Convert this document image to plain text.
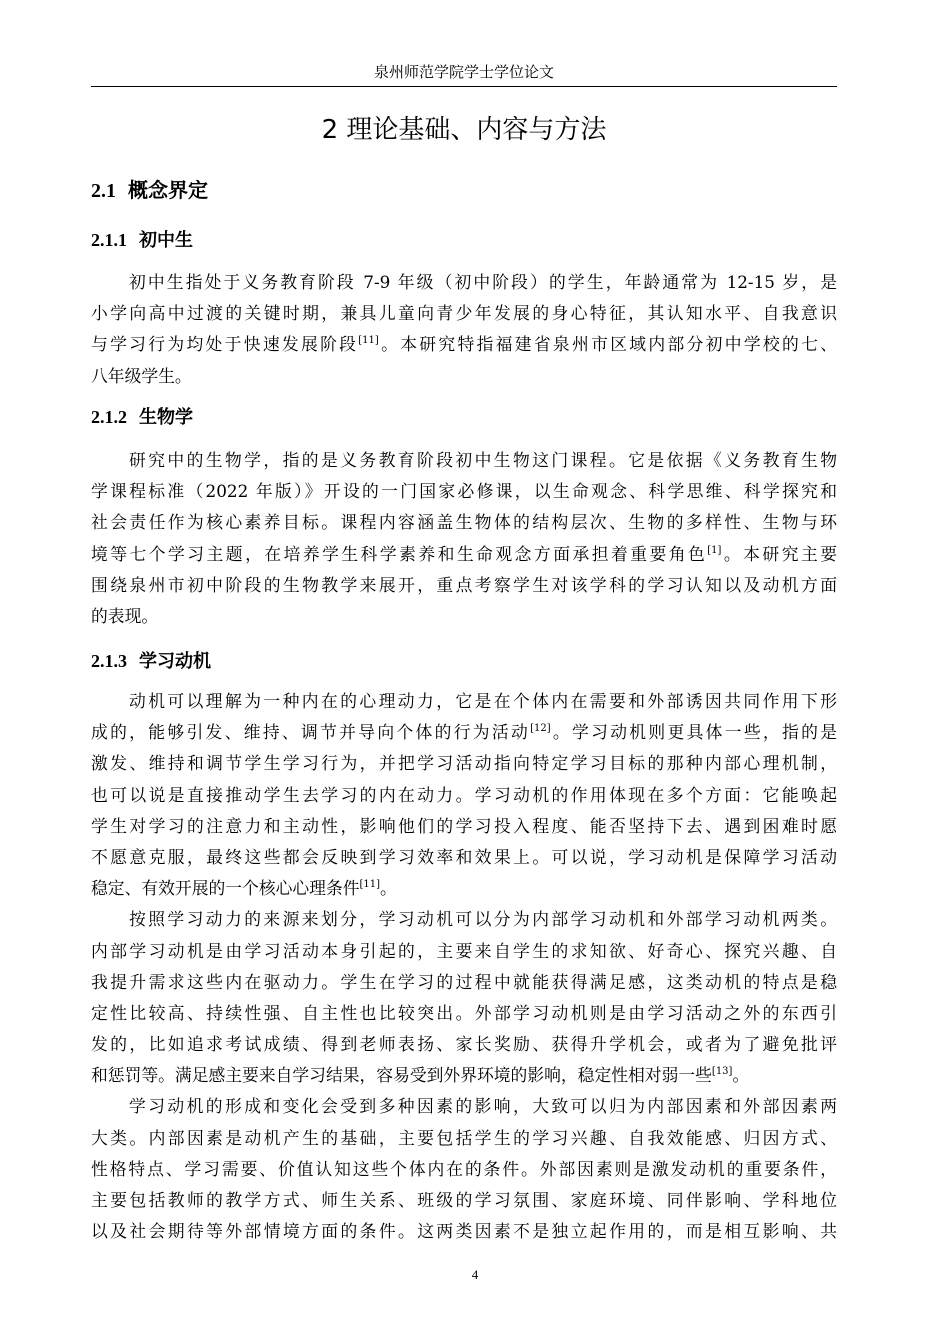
泉州师范学院学士学位论文
2 理论基础、内容与方法
2.1 概念界定
2.1.1 初中生
初中生指处于义务教育阶段 7-9 年级（初中阶段）的学生，年龄通常为 12-15 岁，是
小学向高中过渡的关键时期，兼具儿童向青少年发展的身心特征，其认知水平、自我意识
与学习行为均处于快速发展阶段[11]。本研究特指福建省泉州市区域内部分初中学校的七、
八年级学生。
2.1.2 生物学
研究中的生物学，指的是义务教育阶段初中生物这门课程。它是依据《义务教育生物
学课程标准（2022 年版）》开设的一门国家必修课，以生命观念、科学思维、科学探究和
社会责任作为核心素养目标。课程内容涵盖生物体的结构层次、生物的多样性、生物与环
境等七个学习主题，在培养学生科学素养和生命观念方面承担着重要角色[1]。本研究主要
围绕泉州市初中阶段的生物教学来展开，重点考察学生对该学科的学习认知以及动机方面
的表现。
2.1.3 学习动机
动机可以理解为一种内在的心理动力，它是在个体内在需要和外部诱因共同作用下形
成的，能够引发、维持、调节并导向个体的行为活动[12]。学习动机则更具体一些，指的是
激发、维持和调节学生学习行为，并把学习活动指向特定学习目标的那种内部心理机制，
也可以说是直接推动学生去学习的内在动力。学习动机的作用体现在多个方面：它能唤起
学生对学习的注意力和主动性，影响他们的学习投入程度、能否坚持下去、遇到困难时愿
不愿意克服，最终这些都会反映到学习效率和效果上。可以说，学习动机是保障学习活动
稳定、有效开展的一个核心心理条件[11]。
按照学习动力的来源来划分，学习动机可以分为内部学习动机和外部学习动机两类。
内部学习动机是由学习活动本身引起的，主要来自学生的求知欲、好奇心、探究兴趣、自
我提升需求这些内在驱动力。学生在学习的过程中就能获得满足感，这类动机的特点是稳
定性比较高、持续性强、自主性也比较突出。外部学习动机则是由学习活动之外的东西引
发的，比如追求考试成绩、得到老师表扬、家长奖励、获得升学机会，或者为了避免批评
和惩罚等。满足感主要来自学习结果，容易受到外界环境的影响，稳定性相对弱一些[13]。
学习动机的形成和变化会受到多种因素的影响，大致可以归为内部因素和外部因素两
大类。内部因素是动机产生的基础，主要包括学生的学习兴趣、自我效能感、归因方式、
性格特点、学习需要、价值认知这些个体内在的条件。外部因素则是激发动机的重要条件，
主要包括教师的教学方式、师生关系、班级的学习氛围、家庭环境、同伴影响、学科地位
以及社会期待等外部情境方面的条件。这两类因素不是独立起作用的，而是相互影响、共
4
